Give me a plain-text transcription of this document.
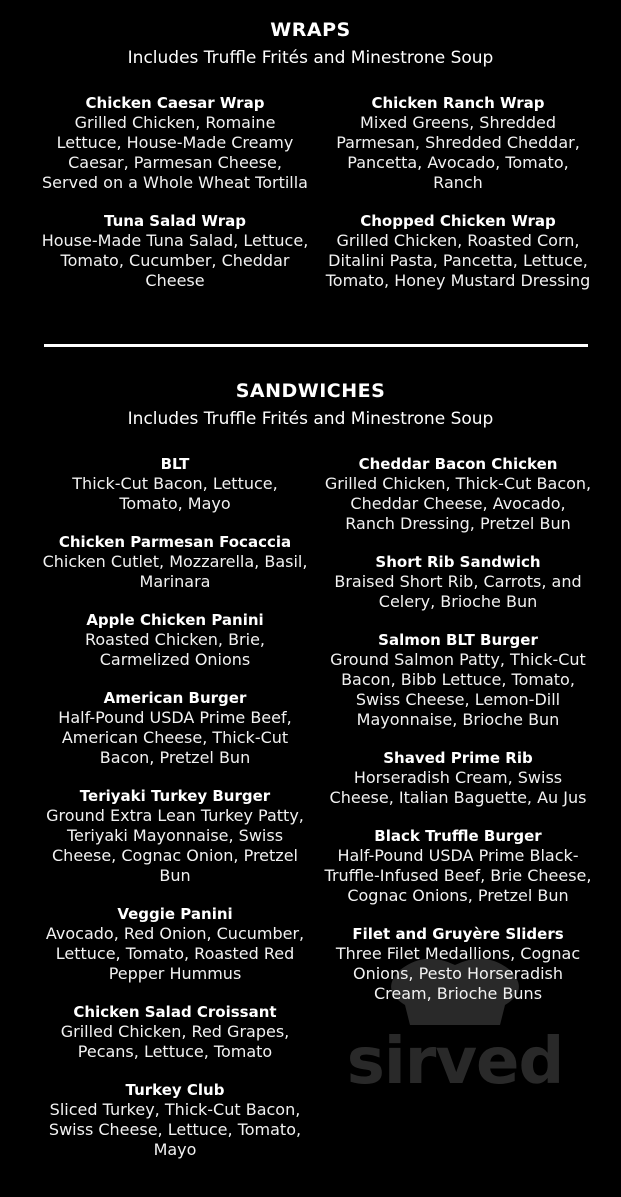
WRAPS
Includes Truffle Frités and Minestrone Soup
Chicken Caesar Wrap
Grilled Chicken, Romaine Lettuce, House-Made Creamy Caesar, Parmesan Cheese, Served on a Whole Wheat Tortilla
Tuna Salad Wrap
House-Made Tuna Salad, Lettuce, Tomato, Cucumber, Cheddar Cheese
Chicken Ranch Wrap
Mixed Greens, Shredded Parmesan, Shredded Cheddar, Pancetta, Avocado, Tomato, Ranch
Chopped Chicken Wrap
Grilled Chicken, Roasted Corn, Ditalini Pasta, Pancetta, Lettuce, Tomato, Honey Mustard Dressing
SANDWICHES
Includes Truffle Frités and Minestrone Soup
sirved
BLT
Thick-Cut Bacon, Lettuce, Tomato, Mayo
Chicken Parmesan Focaccia
Chicken Cutlet, Mozzarella, Basil, Marinara
Apple Chicken Panini
Roasted Chicken, Brie, Carmelized Onions
American Burger
Half-Pound USDA Prime Beef, American Cheese, Thick-Cut Bacon, Pretzel Bun
Teriyaki Turkey Burger
Ground Extra Lean Turkey Patty, Teriyaki Mayonnaise, Swiss Cheese, Cognac Onion, Pretzel Bun
Veggie Panini
Avocado, Red Onion, Cucumber, Lettuce, Tomato, Roasted Red Pepper Hummus
Chicken Salad Croissant
Grilled Chicken, Red Grapes, Pecans, Lettuce, Tomato
Turkey Club
Sliced Turkey, Thick-Cut Bacon, Swiss Cheese, Lettuce, Tomato, Mayo
Cheddar Bacon Chicken
Grilled Chicken, Thick-Cut Bacon, Cheddar Cheese, Avocado, Ranch Dressing, Pretzel Bun
Short Rib Sandwich
Braised Short Rib, Carrots, and Celery, Brioche Bun
Salmon BLT Burger
Ground Salmon Patty, Thick-Cut Bacon, Bibb Lettuce, Tomato, Swiss Cheese, Lemon-Dill Mayonnaise, Brioche Bun
Shaved Prime Rib
Horseradish Cream, Swiss Cheese, Italian Baguette, Au Jus
Black Truffle Burger
Half-Pound USDA Prime Black-Truffle-Infused Beef, Brie Cheese, Cognac Onions, Pretzel Bun
Filet and Gruyère Sliders
Three Filet Medallions, Cognac Onions, Pesto Horseradish Cream, Brioche Buns
